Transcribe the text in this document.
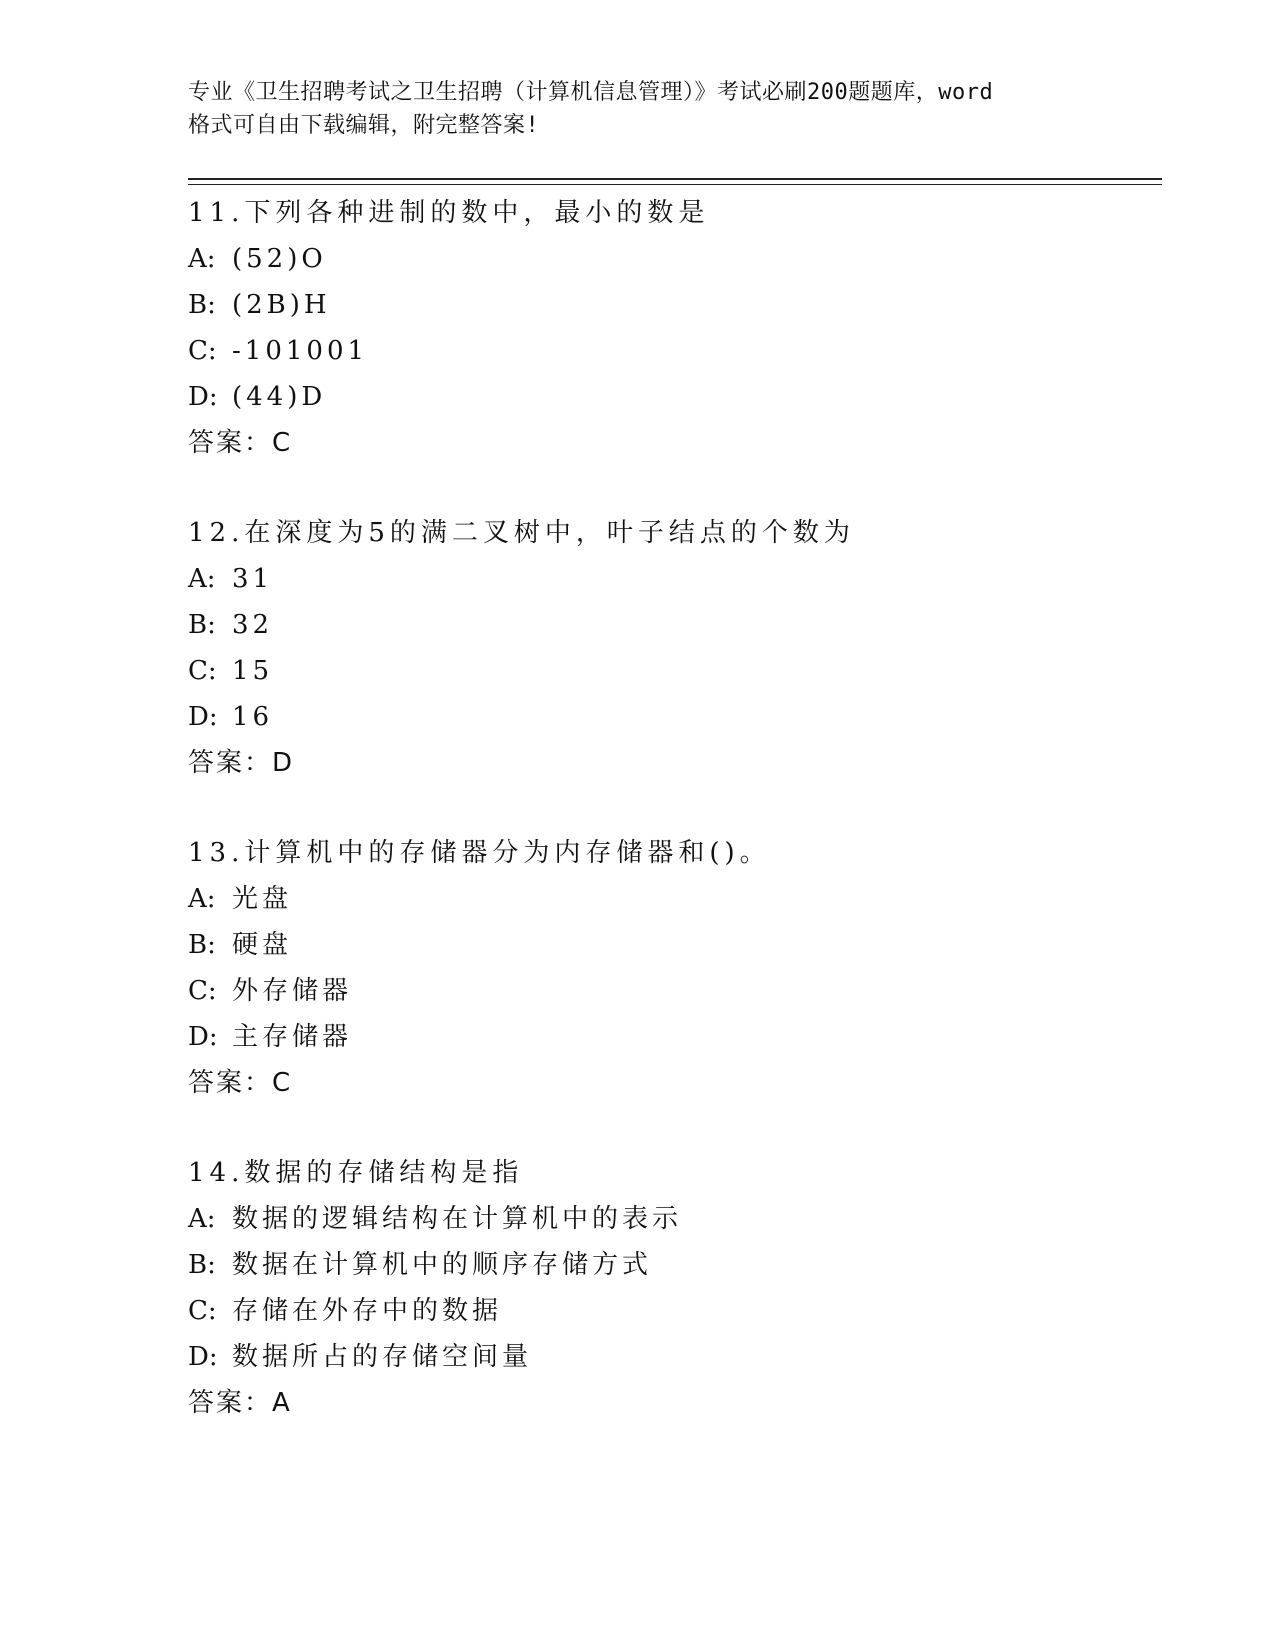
专业《卫生招聘考试之卫生招聘（计算机信息管理）》考试必刷200题题库，word
格式可自由下载编辑，附完整答案!
11.下列各种进制的数中，最小的数是
A: (52)O
B: (2B)H
C: -101001
D: (44)D
答案：C
12.在深度为5的满二叉树中，叶子结点的个数为
A: 31
B: 32
C: 15
D: 16
答案：D
13.计算机中的存储器分为内存储器和()。
A: 光盘
B: 硬盘
C: 外存储器
D: 主存储器
答案：C
14.数据的存储结构是指
A: 数据的逻辑结构在计算机中的表示
B: 数据在计算机中的顺序存储方式
C: 存储在外存中的数据
D: 数据所占的存储空间量
答案：A
